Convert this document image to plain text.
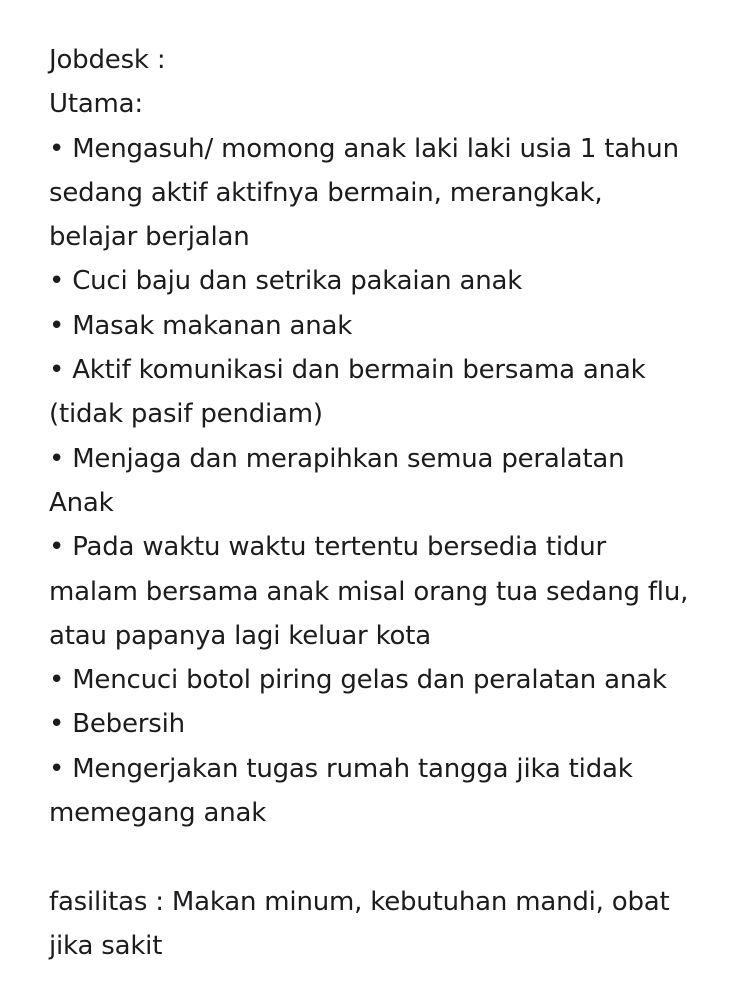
Jobdesk :
Utama:
• Mengasuh/ momong anak laki laki usia 1 tahun
sedang aktif aktifnya bermain, merangkak,
belajar berjalan
• Cuci baju dan setrika pakaian anak
• Masak makanan anak
• Aktif komunikasi dan bermain bersama anak
(tidak pasif pendiam)
• Menjaga dan merapihkan semua peralatan
Anak
• Pada waktu waktu tertentu bersedia tidur
malam bersama anak misal orang tua sedang flu,
atau papanya lagi keluar kota
• Mencuci botol piring gelas dan peralatan anak
• Bebersih
• Mengerjakan tugas rumah tangga jika tidak
memegang anak
fasilitas : Makan minum, kebutuhan mandi, obat
jika sakit
